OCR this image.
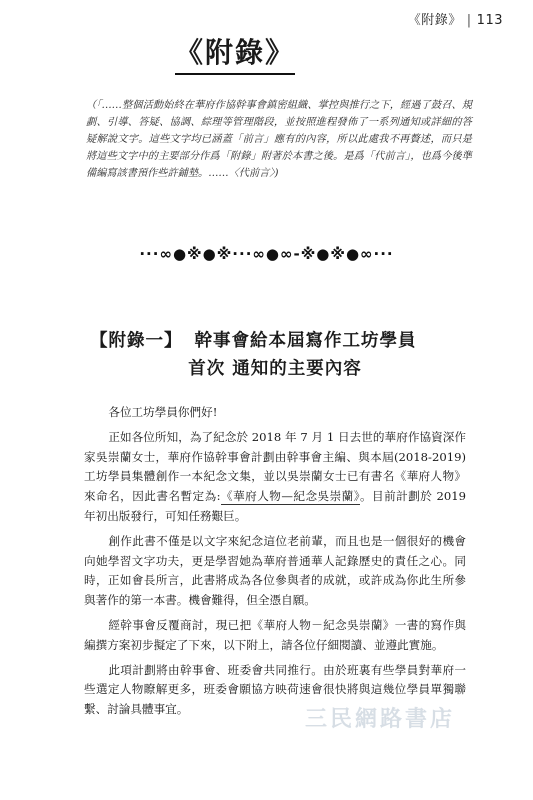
《附錄》 | 113
《附錄》
（「……整個活動始終在華府作協幹事會鎮密組織、掌控與推行之下，經過了鼓召、規劃、引導、答疑、協調、綜理等管理階段，並按照進程發佈了一系列通知或詳細的答疑解說文字。這些文字均已涵蓋「前言」應有的內容，所以此處我不再贅述，而只是將這些文字中的主要部分作爲「附錄」附著於本書之後。是爲「代前言」，也爲今後準備編寫該書預作些許鋪墊。……〈代前言〉)
···∞●※●※···∞●∞-※●※●∞···
【附錄一】 幹事會給本屆寫作工坊學員
首次 通知的主要內容

各位工坊學員你們好!

正如各位所知，為了紀念於 2018 年 7 月 1 日去世的華府作協資深作家吳崇蘭女士，華府作協幹事會計劃由幹事會主編、與本屆(2018-2019)工坊學員集體創作一本紀念文集，並以吳崇蘭女士已有書名《華府人物》來命名，因此書名暫定為:《華府人物—紀念吳崇蘭》。目前計劃於 2019 年初出版發行，可知任務艱巨。

創作此書不僅是以文字來紀念這位老前輩，而且也是一個很好的機會向她學習文字功夫，更是學習她為華府普通華人記錄歷史的責任之心。同時，正如會長所言，此書將成為各位參與者的成就，或許成為你此生所參與著作的第一本書。機會難得，但全憑自願。

經幹事會反覆商討，現已把《華府人物－紀念吳崇蘭》一書的寫作與編撰方案初步擬定了下來，以下附上，請各位仔細閱讀、並遵此實施。

此項計劃將由幹事會、班委會共同推行。由於班裏有些學員對華府一些選定人物瞭解更多，班委會願協方映荷速會很快將與這幾位學員單獨聯繫、討論具體事宜。	三民網路書店
